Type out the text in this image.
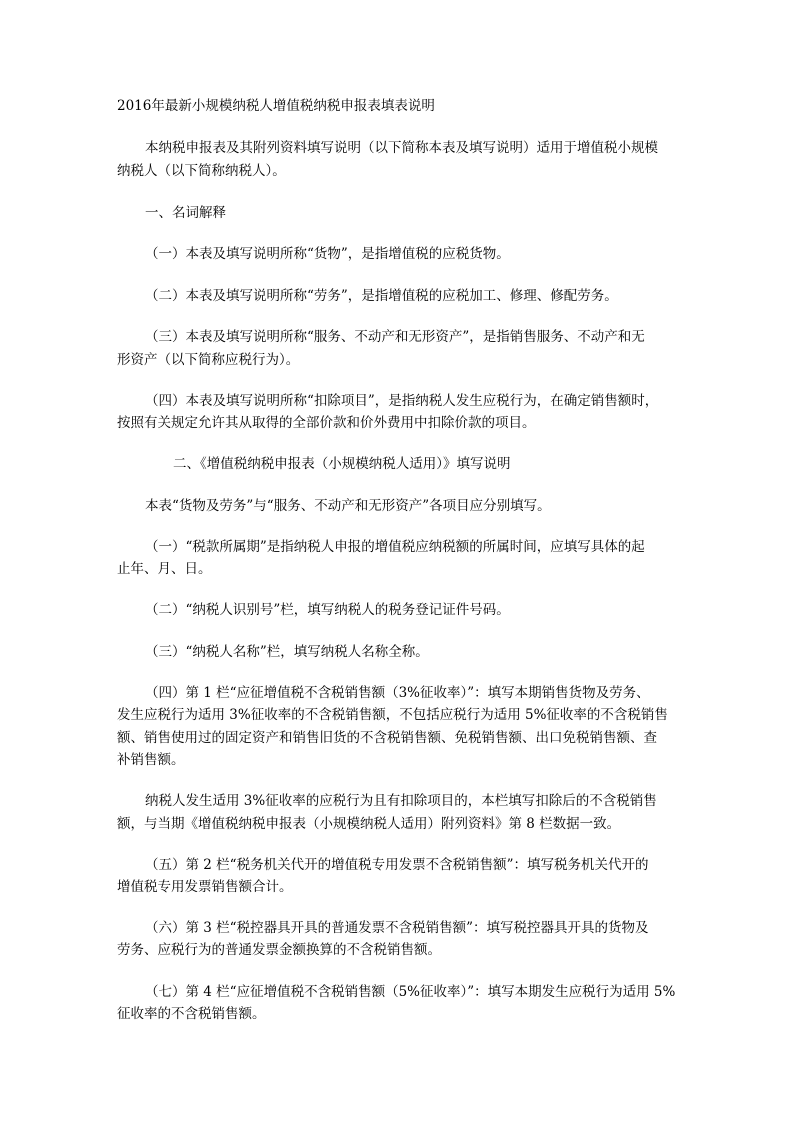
2016年最新小规模纳税人增值税纳税申报表填表说明
本纳税申报表及其附列资料填写说明（以下简称本表及填写说明）适用于增值税小规模
纳税人（以下简称纳税人）。
一、名词解释
（一）本表及填写说明所称“货物”，是指增值税的应税货物。
（二）本表及填写说明所称“劳务”，是指增值税的应税加工、修理、修配劳务。
（三）本表及填写说明所称“服务、不动产和无形资产”，是指销售服务、不动产和无
形资产（以下简称应税行为）。
（四）本表及填写说明所称“扣除项目”，是指纳税人发生应税行为，在确定销售额时，
按照有关规定允许其从取得的全部价款和价外费用中扣除价款的项目。
二、《增值税纳税申报表（小规模纳税人适用）》填写说明
本表“货物及劳务”与“服务、不动产和无形资产”各项目应分别填写。
（一）“税款所属期”是指纳税人申报的增值税应纳税额的所属时间，应填写具体的起
止年、月、日。
（二）“纳税人识别号”栏，填写纳税人的税务登记证件号码。
（三）“纳税人名称”栏，填写纳税人名称全称。
（四）第 1 栏“应征增值税不含税销售额（3%征收率）”：填写本期销售货物及劳务、
发生应税行为适用 3%征收率的不含税销售额，不包括应税行为适用 5%征收率的不含税销售
额、销售使用过的固定资产和销售旧货的不含税销售额、免税销售额、出口免税销售额、查
补销售额。
纳税人发生适用 3%征收率的应税行为且有扣除项目的，本栏填写扣除后的不含税销售
额，与当期《增值税纳税申报表（小规模纳税人适用）附列资料》第 8 栏数据一致。
（五）第 2 栏“税务机关代开的增值税专用发票不含税销售额”：填写税务机关代开的
增值税专用发票销售额合计。
（六）第 3 栏“税控器具开具的普通发票不含税销售额”：填写税控器具开具的货物及
劳务、应税行为的普通发票金额换算的不含税销售额。
（七）第 4 栏“应征增值税不含税销售额（5%征收率）”：填写本期发生应税行为适用 5%
征收率的不含税销售额。
